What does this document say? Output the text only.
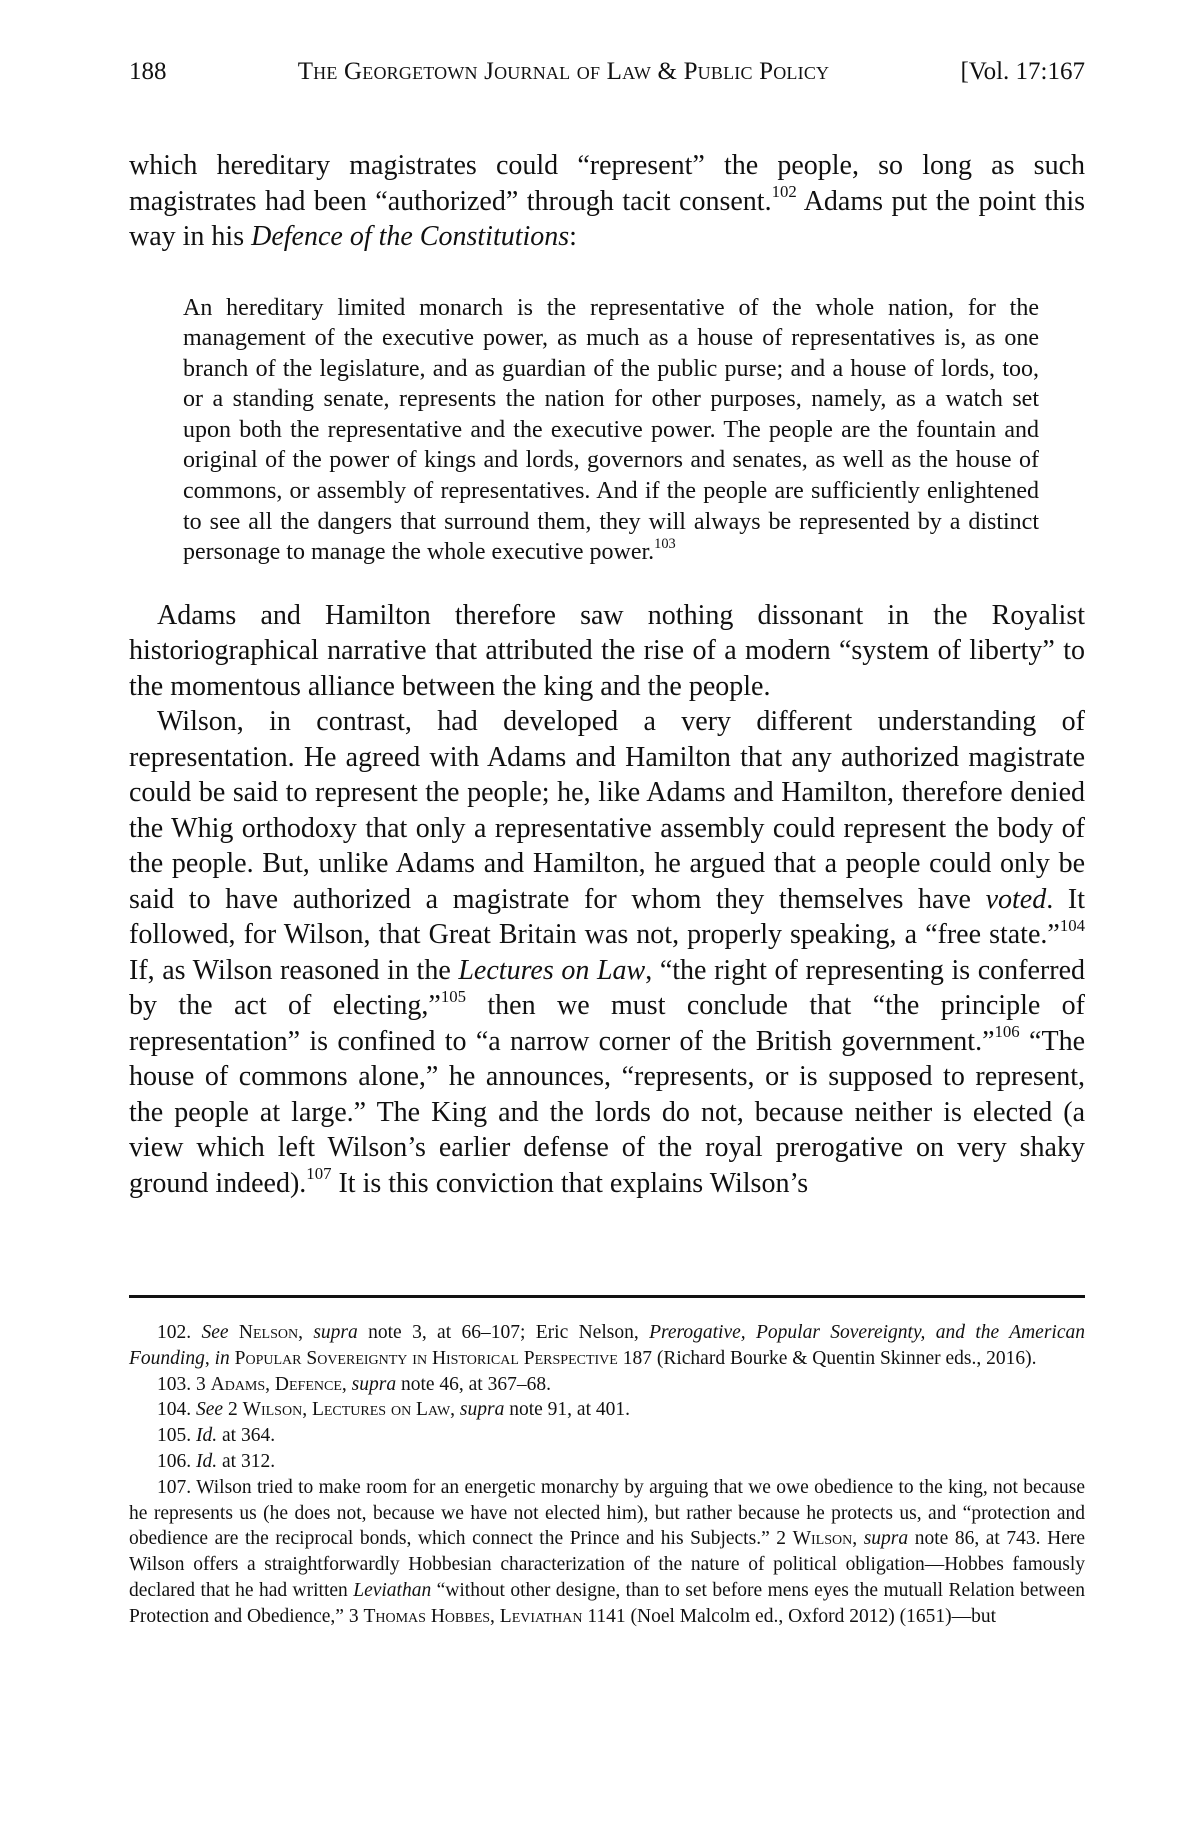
188	The Georgetown Journal of Law & Public Policy	[Vol. 17:167

which hereditary magistrates could “represent” the people, so long as such magistrates had been “authorized” through tacit consent.$^{102}$ Adams put the point this way in his Defence of the Constitutions:

An hereditary limited monarch is the representative of the whole nation, for the management of the executive power, as much as a house of representatives is, as one branch of the legislature, and as guardian of the public purse; and a house of lords, too, or a standing senate, represents the nation for other purposes, namely, as a watch set upon both the representative and the executive power. The people are the fountain and original of the power of kings and lords, governors and senates, as well as the house of commons, or assembly of representatives. And if the people are sufficiently enlightened to see all the dangers that surround them, they will always be represented by a distinct personage to manage the whole executive power.$^{103}$

Adams and Hamilton therefore saw nothing dissonant in the Royalist historiographical narrative that attributed the rise of a modern “system of liberty” to the momentous alliance between the king and the people.

Wilson, in contrast, had developed a very different understanding of representation. He agreed with Adams and Hamilton that any authorized magistrate could be said to represent the people; he, like Adams and Hamilton, therefore denied the Whig orthodoxy that only a representative assembly could represent the body of the people. But, unlike Adams and Hamilton, he argued that a people could only be said to have authorized a magistrate for whom they themselves have voted. It followed, for Wilson, that Great Britain was not, properly speaking, a “free state.”$^{104}$ If, as Wilson reasoned in the Lectures on Law, “the right of representing is conferred by the act of electing,”$^{105}$ then we must conclude that “the principle of representation” is confined to “a narrow corner of the British government.”$^{106}$ “The house of commons alone,” he announces, “represents, or is supposed to represent, the people at large.” The King and the lords do not, because neither is elected (a view which left Wilson’s earlier defense of the royal prerogative on very shaky ground indeed).$^{107}$ It is this conviction that explains Wilson’s

102. See Nelson, supra note 3, at 66–107; Eric Nelson, Prerogative, Popular Sovereignty, and the American Founding, in Popular Sovereignty in Historical Perspective 187 (Richard Bourke & Quentin Skinner eds., 2016).

103. 3 Adams, Defence, supra note 46, at 367–68.

104. See 2 Wilson, Lectures on Law, supra note 91, at 401.

105. Id. at 364.

106. Id. at 312.

107. Wilson tried to make room for an energetic monarchy by arguing that we owe obedience to the king, not because he represents us (he does not, because we have not elected him), but rather because he protects us, and “protection and obedience are the reciprocal bonds, which connect the Prince and his Subjects.” 2 Wilson, supra note 86, at 743. Here Wilson offers a straightforwardly Hobbesian characterization of the nature of political obligation—Hobbes famously declared that he had written Leviathan “without other designe, than to set before mens eyes the mutuall Relation between Protection and Obedience,” 3 Thomas Hobbes, Leviathan 1141 (Noel Malcolm ed., Oxford 2012) (1651)—but
